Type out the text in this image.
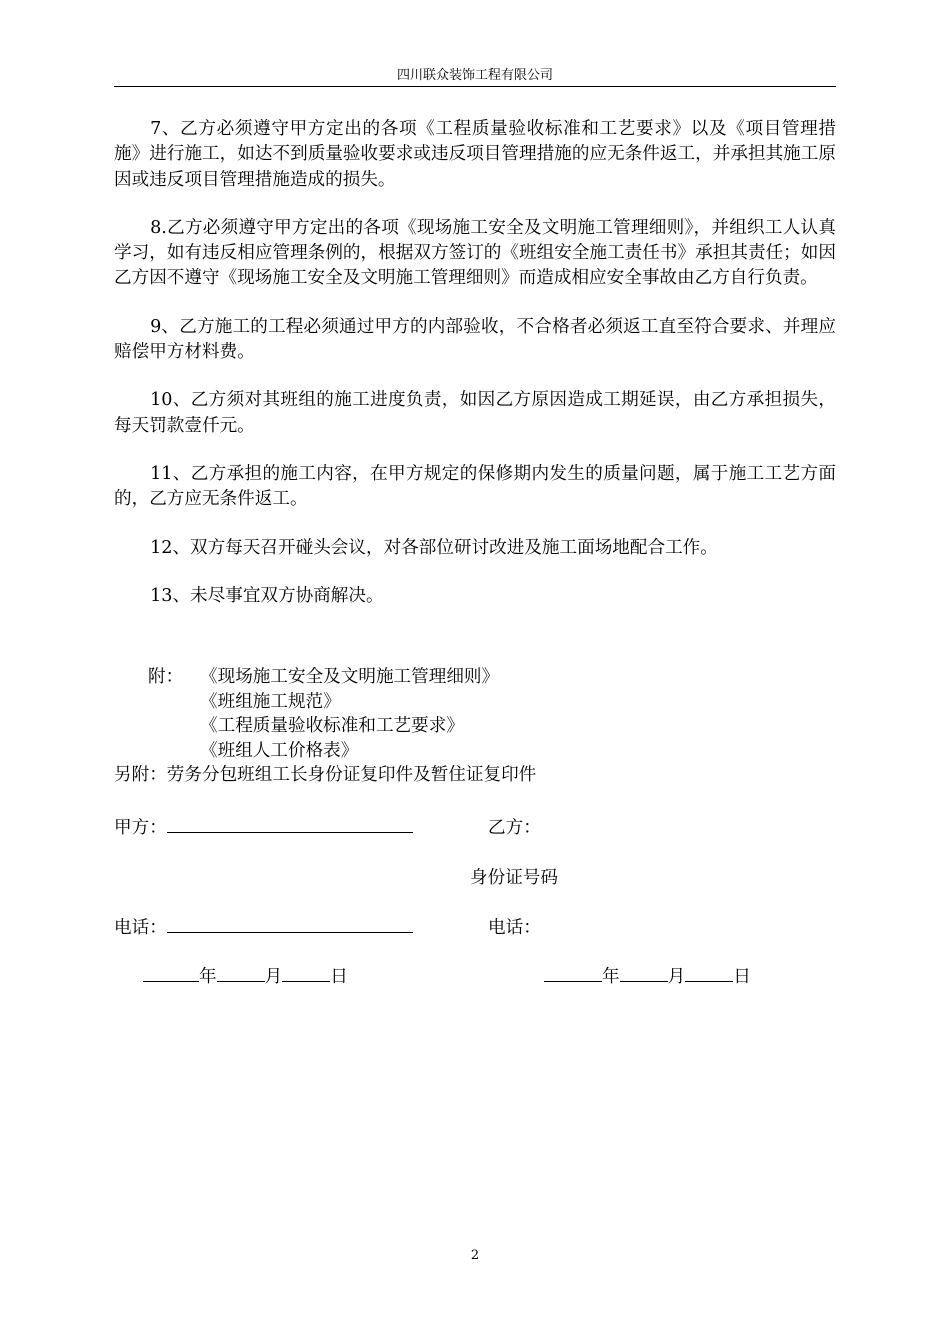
四川联众装饰工程有限公司

7、乙方必须遵守甲方定出的各项《工程质量验收标准和工艺要求》以及《项目管理措施》进行施工，如达不到质量验收要求或违反项目管理措施的应无条件返工，并承担其施工原因或违反项目管理措施造成的损失。

8.乙方必须遵守甲方定出的各项《现场施工安全及文明施工管理细则》，并组织工人认真学习，如有违反相应管理条例的，根据双方签订的《班组安全施工责任书》承担其责任；如因乙方因不遵守《现场施工安全及文明施工管理细则》而造成相应安全事故由乙方自行负责。

9、乙方施工的工程必须通过甲方的内部验收，不合格者必须返工直至符合要求、并理应赔偿甲方材料费。

10、乙方须对其班组的施工进度负责，如因乙方原因造成工期延误，由乙方承担损失，每天罚款壹仟元。

11、乙方承担的施工内容，在甲方规定的保修期内发生的质量问题，属于施工工艺方面的，乙方应无条件返工。

12、双方每天召开碰头会议，对各部位研讨改进及施工面场地配合工作。

13、未尽事宜双方协商解决。

附： 《现场施工安全及文明施工管理细则》
《班组施工规范》
《工程质量验收标准和工艺要求》
《班组人工价格表》
另附：劳务分包班组工长身份证复印件及暂住证复印件
甲方：	乙方：
身份证号码
电话：	电话：
年	月	日	年	月	日
2
